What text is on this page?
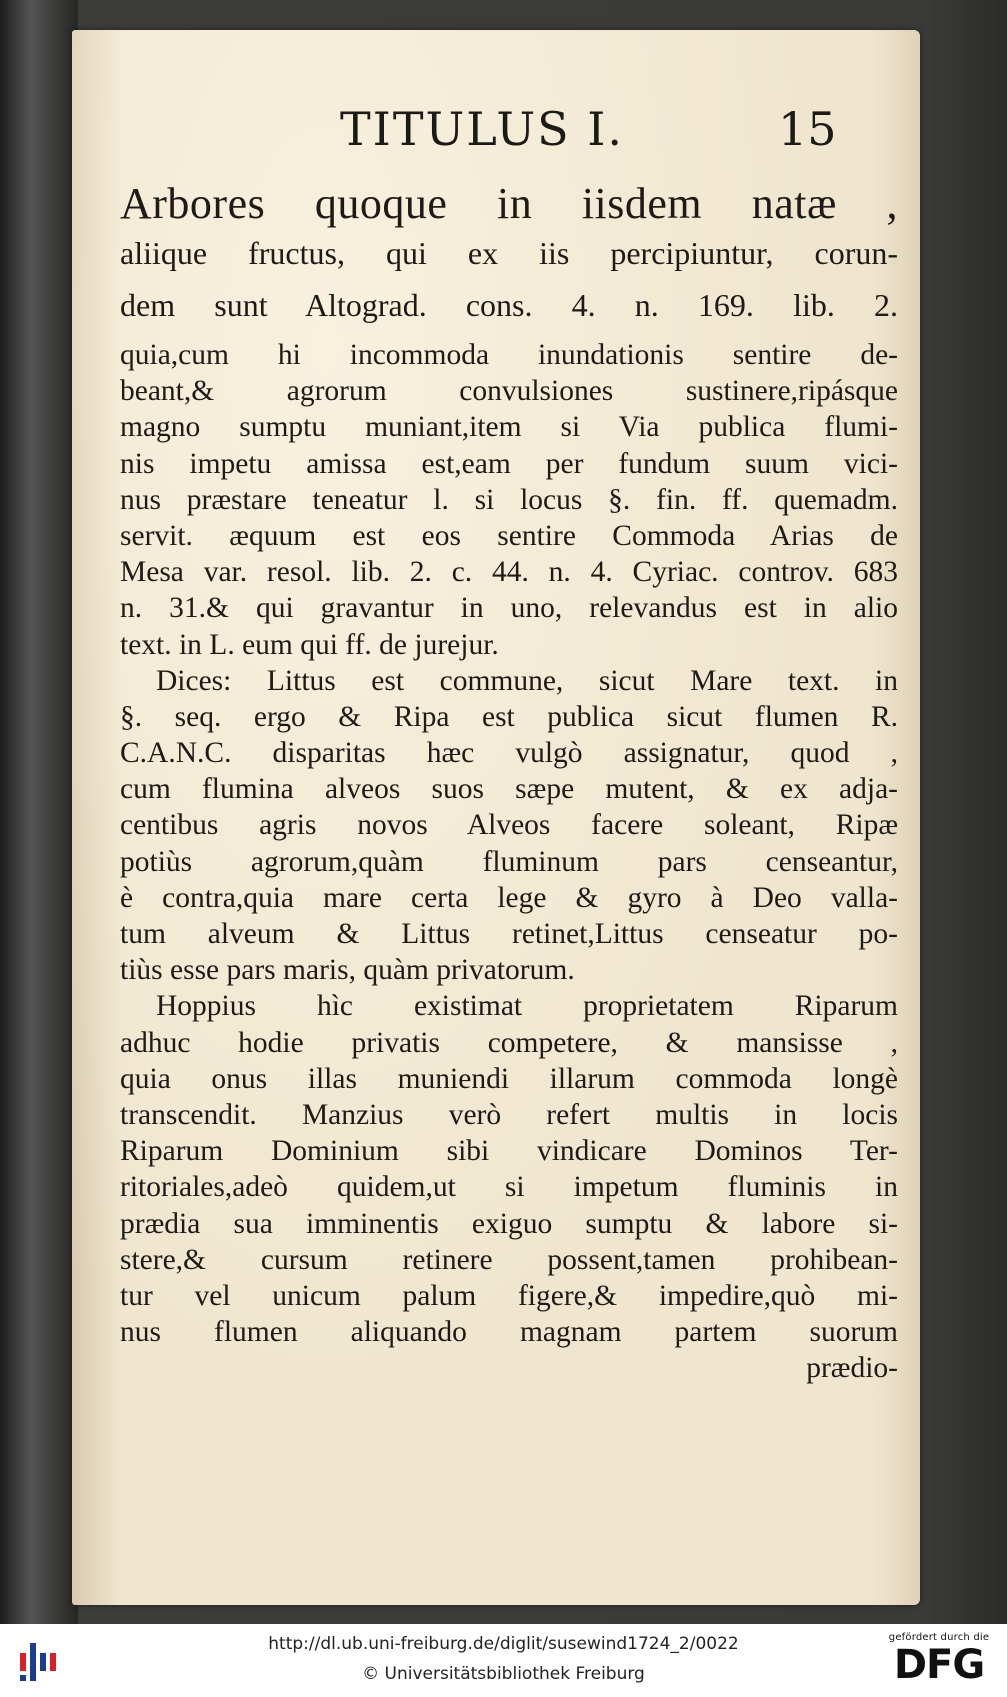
TITULUS I.	15
Arbores quoque in iisdem natæ ,
aliique fructus, qui ex iis percipiuntur, corun-
dem sunt Altograd. cons. 4. n. 169. lib. 2.
quia,cum hi incommoda inundationis sentire de-
beant,& agrorum convulsiones sustinere,ripásque
magno sumptu muniant,item si Via publica flumi-
nis impetu amissa est,eam per fundum suum vici-
nus præstare teneatur l. si locus §. fin. ff. quemadm.
servit. æquum est eos sentire Commoda Arias de
Mesa var. resol. lib. 2. c. 44. n. 4. Cyriac. controv. 683
n. 31.& qui gravantur in uno, relevandus est in alio
text. in L. eum qui ff. de jurejur.
Dices: Littus est commune, sicut Mare text. in
§. seq. ergo & Ripa est publica sicut flumen R.
C.A.N.C. disparitas hæc vulgò assignatur, quod ,
cum flumina alveos suos sæpe mutent, & ex adja-
centibus agris novos Alveos facere soleant, Ripæ
potiùs agrorum,quàm fluminum pars censeantur,
è contra,quia mare certa lege & gyro à Deo valla-
tum alveum & Littus retinet,Littus censeatur po-
tiùs esse pars maris, quàm privatorum.
Hoppius hìc existimat proprietatem Riparum
adhuc hodie privatis competere, & mansisse ,
quia onus illas muniendi illarum commoda longè
transcendit. Manzius verò refert multis in locis
Riparum Dominium sibi vindicare Dominos Ter-
ritoriales,adeò quidem,ut si impetum fluminis in
prædia sua imminentis exiguo sumptu & labore si-
stere,& cursum retinere possent,tamen prohibean-
tur vel unicum palum figere,& impedire,quò mi-
nus flumen aliquando magnam partem suorum
prædio-
http://dl.ub.uni-freiburg.de/diglit/susewind1724_2/0022
© Universitätsbibliothek Freiburg
gefördert durch die
DFG
